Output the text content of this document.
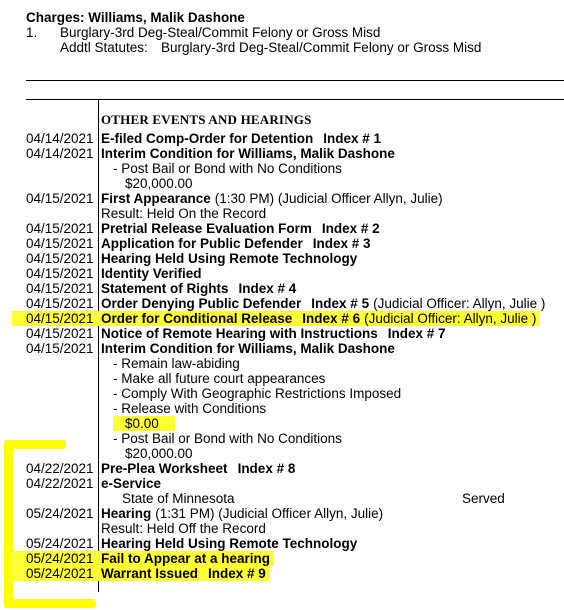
Charges: Williams, Malik Dashone
1. Burglary-3rd Deg-Steal/Commit Felony or Gross Misd
Addtl Statutes: Burglary-3rd Deg-Steal/Commit Felony or Gross Misd
OTHER EVENTS AND HEARINGS
04/14/2021 E-filed Comp-Order for Detention Index # 1
04/14/2021 Interim Condition for Williams, Malik Dashone
- Post Bail or Bond with No Conditions
$20,000.00
04/15/2021 First Appearance (1:30 PM) (Judicial Officer Allyn, Julie)
Result: Held On the Record
04/15/2021 Pretrial Release Evaluation Form Index # 2
04/15/2021 Application for Public Defender Index # 3
04/15/2021 Hearing Held Using Remote Technology
04/15/2021 Identity Verified
04/15/2021 Statement of Rights Index # 4
04/15/2021 Order Denying Public Defender Index # 5 (Judicial Officer: Allyn, Julie )
04/15/2021 Order for Conditional Release Index # 6 (Judicial Officer: Allyn, Julie )
04/15/2021 Notice of Remote Hearing with Instructions Index # 7
04/15/2021 Interim Condition for Williams, Malik Dashone
- Remain law-abiding
- Make all future court appearances
- Comply With Geographic Restrictions Imposed
- Release with Conditions
$0.00
- Post Bail or Bond with No Conditions
$20,000.00
04/22/2021 Pre-Plea Worksheet Index # 8
04/22/2021 e-Service
State of Minnesota	Served
05/24/2021 Hearing (1:31 PM) (Judicial Officer Allyn, Julie)
Result: Held Off the Record
05/24/2021 Hearing Held Using Remote Technology
05/24/2021 Fail to Appear at a hearing
05/24/2021 Warrant Issued Index # 9
